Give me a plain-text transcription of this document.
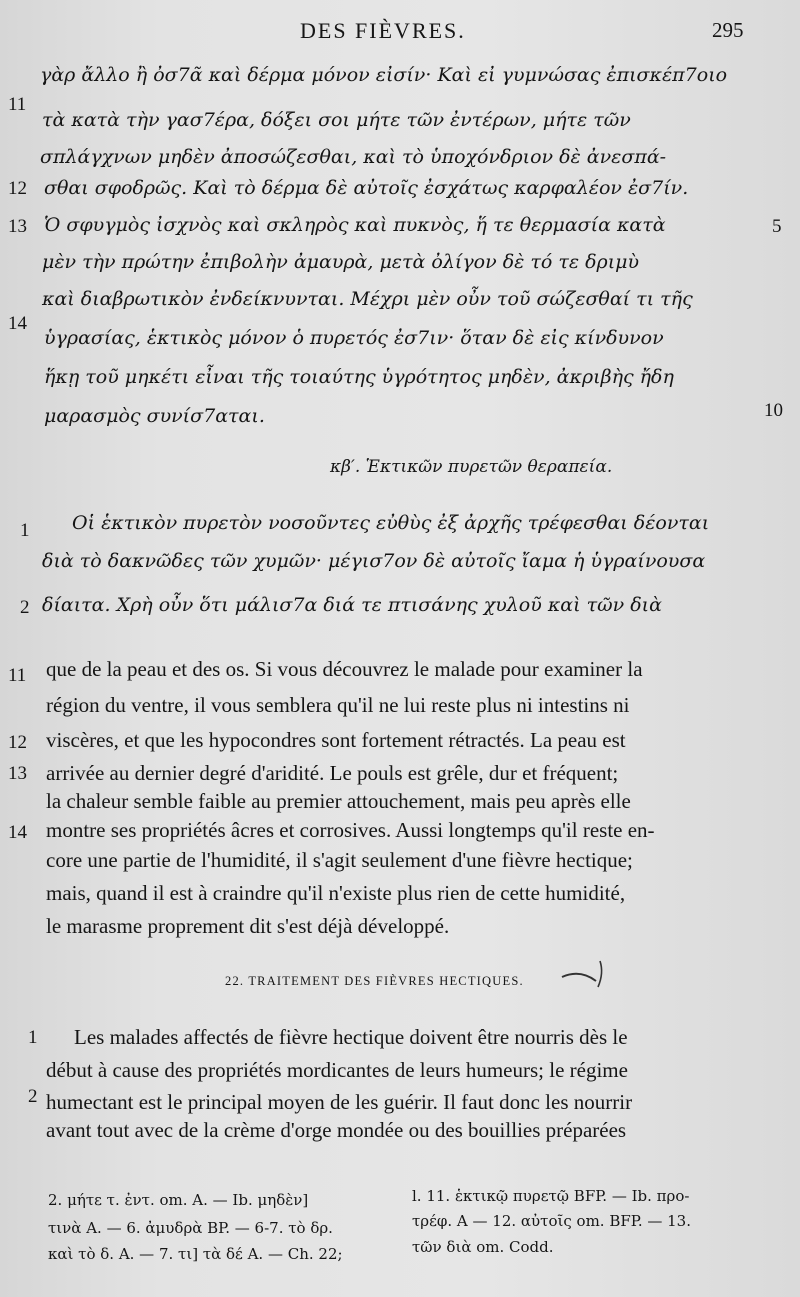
DES FIÈVRES.	295
γὰρ ἄλλο ἢ ὀσ7ᾶ καὶ δέρμα μόνον εἰσίν· Καὶ εἰ γυμνώσας ἐπισκέπ7οιο
τὰ κατὰ τὴν γασ7έρα, δόξει σοι μήτε τῶν ἐντέρων, μήτε τῶν
σπλάγχνων μηδὲν ἀποσώζεσθαι, καὶ τὸ ὑποχόνδριον δὲ ἀνεσπά-
σθαι σφοδρῶς. Καὶ τὸ δέρμα δὲ αὐτοῖς ἐσχάτως καρφαλέον ἐσ7ίν.
Ὁ σφυγμὸς ἰσχνὸς καὶ σκληρὸς καὶ πυκνὸς, ἥ τε θερμασία κατὰ
μὲν τὴν πρώτην ἐπιβολὴν ἀμαυρὰ, μετὰ ὀλίγον δὲ τό τε δριμὺ
καὶ διαβρωτικὸν ἐνδείκνυνται. Μέχρι μὲν οὖν τοῦ σώζεσθαί τι τῆς
ὑγρασίας, ἑκτικὸς μόνον ὁ πυρετός ἐσ7ιν· ὅταν δὲ εἰς κίνδυνον
ἥκῃ τοῦ μηκέτι εἶναι τῆς τοιαύτης ὑγρότητος μηδὲν, ἀκριβὴς ἤδη
μαρασμὸς συνίσ7αται.
11
12
13
14
5
10
κβ′. Ἑκτικῶν πυρετῶν θεραπεία.
Οἱ ἑκτικὸν πυρετὸν νοσοῦντες εὐθὺς ἐξ ἀρχῆς τρέφεσθαι δέονται
διὰ τὸ δακνῶδες τῶν χυμῶν· μέγισ7ον δὲ αὐτοῖς ἴαμα ἡ ὑγραίνουσα
δίαιτα. Χρὴ οὖν ὅτι μάλισ7α διά τε πτισάνης χυλοῦ καὶ τῶν διὰ
1
2
que de la peau et des os. Si vous découvrez le malade pour examiner la
région du ventre, il vous semblera qu'il ne lui reste plus ni intestins ni
viscères, et que les hypocondres sont fortement rétractés. La peau est
arrivée au dernier degré d'aridité. Le pouls est grêle, dur et fréquent;
la chaleur semble faible au premier attouchement, mais peu après elle
montre ses propriétés âcres et corrosives. Aussi longtemps qu'il reste en-
core une partie de l'humidité, il s'agit seulement d'une fièvre hectique;
mais, quand il est à craindre qu'il n'existe plus rien de cette humidité,
le marasme proprement dit s'est déjà développé.
11
12
13
14
22. TRAITEMENT DES FIÈVRES HECTIQUES.
Les malades affectés de fièvre hectique doivent être nourris dès le
début à cause des propriétés mordicantes de leurs humeurs; le régime
humectant est le principal moyen de les guérir. Il faut donc les nourrir
avant tout avec de la crème d'orge mondée ou des bouillies préparées
1
2
2. μήτε τ. ἐντ. om. A. — Ib. μηδὲν]
τινὰ A. — 6. ἀμυδρὰ BP. — 6-7. τὸ δρ.
καὶ τὸ δ. A. — 7. τι] τὰ δέ A. — Ch. 22;
l. 11. ἑκτικῷ πυρετῷ BFP. — Ib. προ-
τρέφ. A — 12. αὐτοῖς om. BFP. — 13.
τῶν διὰ om. Codd.
